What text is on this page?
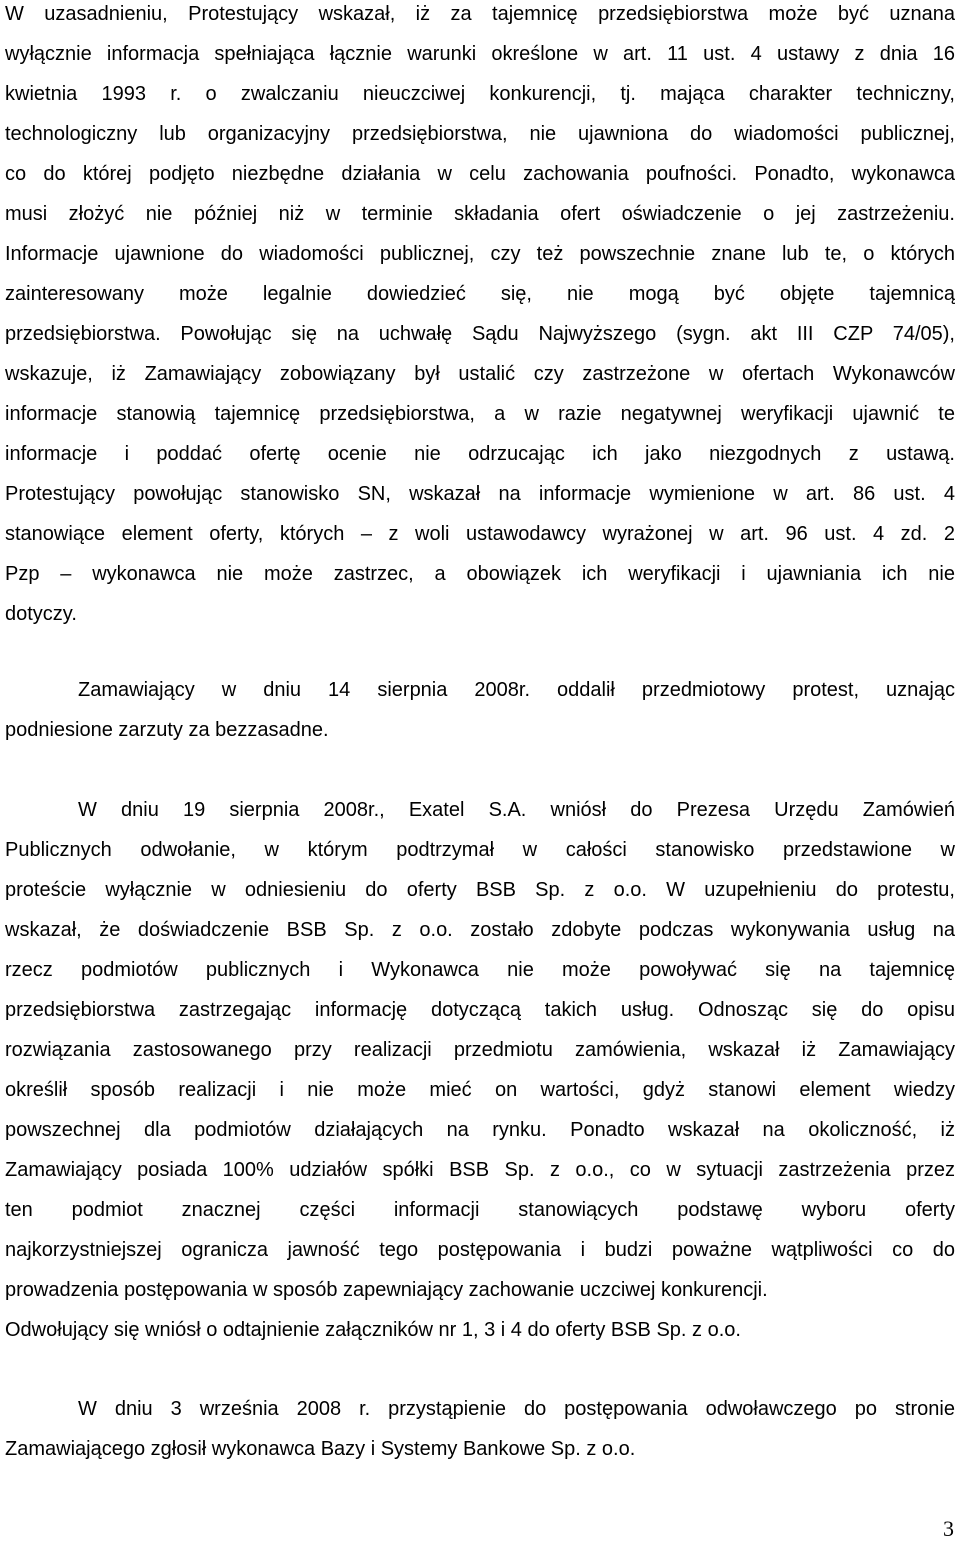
W uzasadnieniu, Protestujący wskazał, iż za tajemnicę przedsiębiorstwa może być uznana
wyłącznie informacja spełniająca łącznie warunki określone w art. 11 ust. 4 ustawy z dnia 16
kwietnia 1993 r. o zwalczaniu nieuczciwej konkurencji, tj. mająca charakter techniczny,
technologiczny lub organizacyjny przedsiębiorstwa, nie ujawniona do wiadomości publicznej,
co do której podjęto niezbędne działania w celu zachowania poufności. Ponadto, wykonawca
musi złożyć nie później niż w terminie składania ofert oświadczenie o jej zastrzeżeniu.
Informacje ujawnione do wiadomości publicznej, czy też powszechnie znane lub te, o których
zainteresowany może legalnie dowiedzieć się, nie mogą być objęte tajemnicą
przedsiębiorstwa. Powołując się na uchwałę Sądu Najwyższego (sygn. akt III CZP 74/05),
wskazuje, iż Zamawiający zobowiązany był ustalić czy zastrzeżone w ofertach Wykonawców
informacje stanowią tajemnicę przedsiębiorstwa, a w razie negatywnej weryfikacji ujawnić te
informacje i poddać ofertę ocenie nie odrzucając ich jako niezgodnych z ustawą.
Protestujący powołując stanowisko SN, wskazał na informacje wymienione w art. 86 ust. 4
stanowiące element oferty, których – z woli ustawodawcy wyrażonej w art. 96 ust. 4 zd. 2
Pzp – wykonawca nie może zastrzec, a obowiązek ich weryfikacji i ujawniania ich nie
dotyczy.
Zamawiający w dniu 14 sierpnia 2008r. oddalił przedmiotowy protest, uznając
podniesione zarzuty za bezzasadne.
W dniu 19 sierpnia 2008r., Exatel S.A. wniósł do Prezesa Urzędu Zamówień
Publicznych odwołanie, w którym podtrzymał w całości stanowisko przedstawione w
proteście wyłącznie w odniesieniu do oferty BSB Sp. z o.o. W uzupełnieniu do protestu,
wskazał, że doświadczenie BSB Sp. z o.o. zostało zdobyte podczas wykonywania usług na
rzecz podmiotów publicznych i Wykonawca nie może powoływać się na tajemnicę
przedsiębiorstwa zastrzegając informację dotyczącą takich usług. Odnosząc się do opisu
rozwiązania zastosowanego przy realizacji przedmiotu zamówienia, wskazał iż Zamawiający
określił sposób realizacji i nie może mieć on wartości, gdyż stanowi element wiedzy
powszechnej dla podmiotów działających na rynku. Ponadto wskazał na okoliczność, iż
Zamawiający posiada 100% udziałów spółki BSB Sp. z o.o., co w sytuacji zastrzeżenia przez
ten podmiot znacznej części informacji stanowiących podstawę wyboru oferty
najkorzystniejszej ogranicza jawność tego postępowania i budzi poważne wątpliwości co do
prowadzenia postępowania w sposób zapewniający zachowanie uczciwej konkurencji.
Odwołujący się wniósł o odtajnienie załączników nr 1, 3 i 4 do oferty BSB Sp. z o.o.
W dniu 3 września 2008 r. przystąpienie do postępowania odwoławczego po stronie
Zamawiającego zgłosił wykonawca Bazy i Systemy Bankowe Sp. z o.o.
3
